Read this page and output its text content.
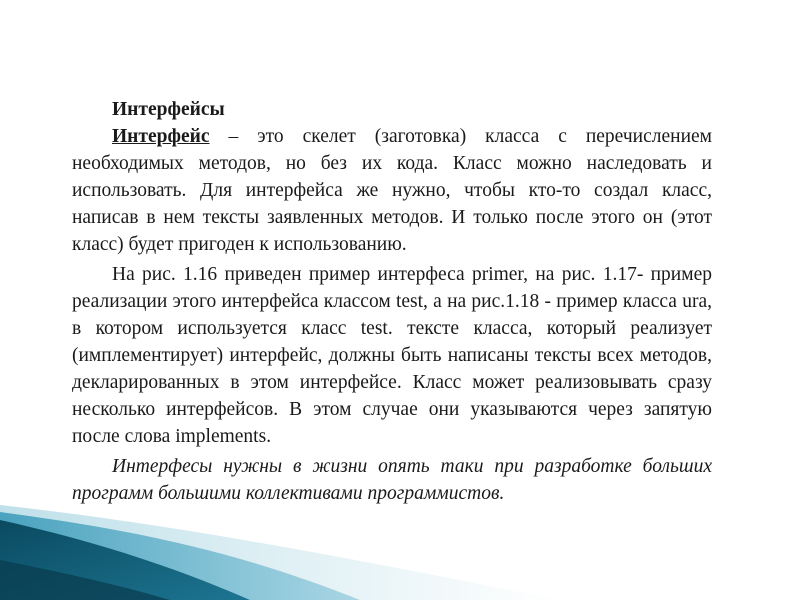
Интерфейсы

Интерфейс – это скелет (заготовка) класса с перечислением необходимых методов, но без их кода. Класс можно наследовать и использовать. Для интерфейса же нужно, чтобы кто-то создал класс, написав в нем тексты заявленных методов. И только после этого он (этот класс) будет пригоден к использованию.

На рис. 1.16 приведен пример интерфеса primer, на рис. 1.17- пример реализации этого интерфейса классом test, а на рис.1.18 - пример класса ura, в котором используется класс test. тексте класса, который реализует (имплементирует) интерфейс, должны быть написаны тексты всех методов, декларированных в этом интерфейсе. Класс может реализовывать сразу несколько интерфейсов. В этом случае они указываются через запятую после слова implements.

Интерфесы нужны в жизни опять таки при разработке больших программ большими коллективами программистов.
